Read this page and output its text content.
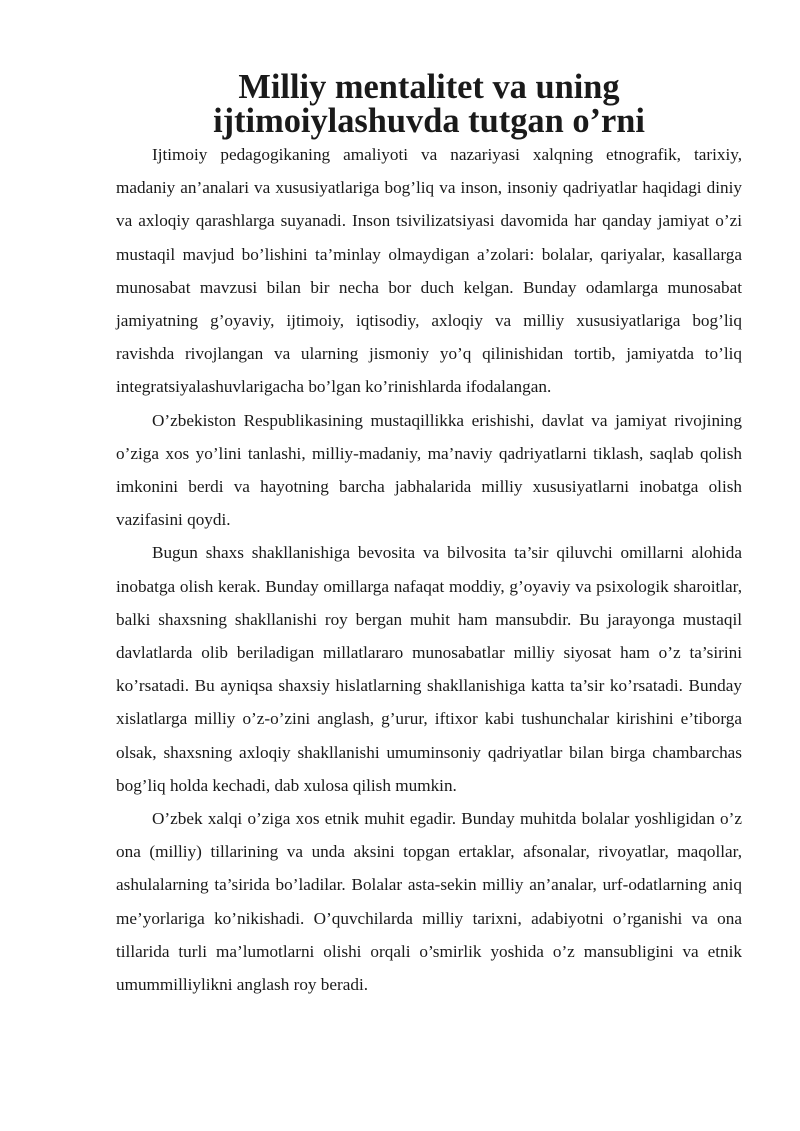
Milliy mentalitet va uning ijtimoiylashuvda tutgan o’rni

Ijtimoiy pedagogikaning amaliyoti va nazariyasi xalqning etnografik, tarixiy, madaniy an’analari va xususiyatlariga bog’liq va inson, insoniy qadriyatlar haqidagi diniy va axloqiy qarashlarga suyanadi. Inson tsivilizatsiyasi davomida har qanday jamiyat o’zi mustaqil mavjud bo’lishini ta’minlay olmaydigan a’zolari: bolalar, qariyalar, kasallarga munosabat mavzusi bilan bir necha bor duch kelgan. Bunday odamlarga munosabat jamiyatning g’oyaviy, ijtimoiy, iqtisodiy, axloqiy va milliy xususiyatlariga bog’liq ravishda rivojlangan va ularning jismoniy yo’q qilinishidan tortib, jamiyatda to’liq integratsiyalashuvlarigacha bo’lgan ko’rinishlarda ifodalangan.

O’zbekiston Respublikasining mustaqillikka erishishi, davlat va jamiyat rivojining o’ziga xos yo’lini tanlashi, milliy-madaniy, ma’naviy qadriyatlarni tiklash, saqlab qolish imkonini berdi va hayotning barcha jabhalarida milliy xususiyatlarni inobatga olish vazifasini qoydi.

Bugun shaxs shakllanishiga bevosita va bilvosita ta’sir qiluvchi omillarni alohida inobatga olish kerak. Bunday omillarga nafaqat moddiy, g’oyaviy va psixologik sharoitlar, balki shaxsning shakllanishi roy bergan muhit ham mansubdir. Bu jarayonga mustaqil davlatlarda olib beriladigan millatlararo munosabatlar milliy siyosat ham o’z ta’sirini ko’rsatadi. Bu ayniqsa shaxsiy hislatlarning shakllanishiga katta ta’sir ko’rsatadi. Bunday xislatlarga milliy o’z-o’zini anglash, g’urur, iftixor kabi tushunchalar kirishini e’tiborga olsak, shaxsning axloqiy shakllanishi umuminsoniy qadriyatlar bilan birga chambarchas bog’liq holda kechadi, dab xulosa qilish mumkin.

O’zbek xalqi o’ziga xos etnik muhit egadir. Bunday muhitda bolalar yoshligidan o’z ona (milliy) tillarining va unda aksini topgan ertaklar, afsonalar, rivoyatlar, maqollar, ashulalarning ta’sirida bo’ladilar. Bolalar asta-sekin milliy an’analar, urf-odatlarning aniq me’yorlariga ko’nikishadi. O’quvchilarda milliy tarixni, adabiyotni o’rganishi va ona tillarida turli ma’lumotlarni olishi orqali o’smirlik yoshida o’z mansubligini va etnik umummilliylikni anglash roy beradi.
